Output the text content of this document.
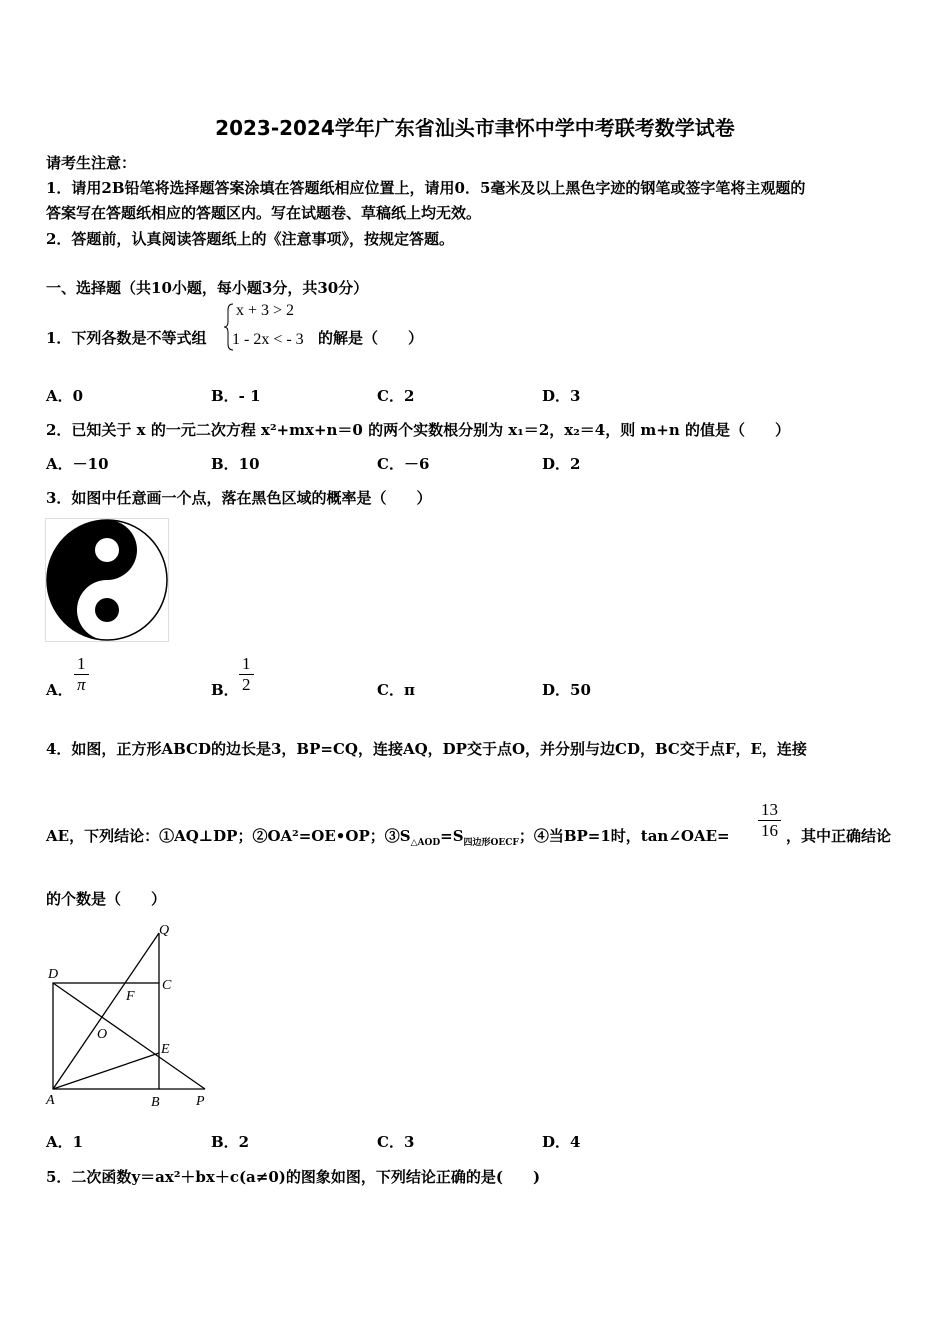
2023-2024学年广东省汕头市聿怀中学中考联考数学试卷
请考生注意：
1．请用2B铅笔将选择题答案涂填在答题纸相应位置上，请用0．5毫米及以上黑色字迹的钢笔或签字笔将主观题的
答案写在答题纸相应的答题区内。写在试题卷、草稿纸上均无效。
2．答题前，认真阅读答题纸上的《注意事项》，按规定答题。
一、选择题（共10小题，每小题3分，共30分）
1．下列各数是不等式组
x + 3 > 2
1 - 2x < - 3 的解是（　　）
A．0	B．- 1	C．2	D．3
2．已知关于 x 的一元二次方程 x²+mx+n＝0 的两个实数根分别为 x₁＝2，x₂＝4，则 m+n 的值是（　　）
A．－10	B．10	C．－6	D．2
3．如图中任意画一个点，落在黑色区域的概率是（　　）
A． $\frac{1}{\pi}$	B． $\frac{1}{2}$	C．π	D．50
4．如图，正方形ABCD的边长是3，BP=CQ，连接AQ，DP交于点O，并分别与边CD，BC交于点F，E，连接
AE，下列结论：①AQ⊥DP；②OA²=OE•OP；$③S_{\triangle AOD}=S_{四边形OECF}$；④当BP=1时，tan∠OAE= $\frac{13}{16}$ ，其中正确结论
的个数是（　　）
Q
D
C
F
O
E
A	B	P
A．1	B．2	C．3	D．4
5．二次函数y＝ax²＋bx＋c(a≠0)的图象如图，下列结论正确的是(　　)
